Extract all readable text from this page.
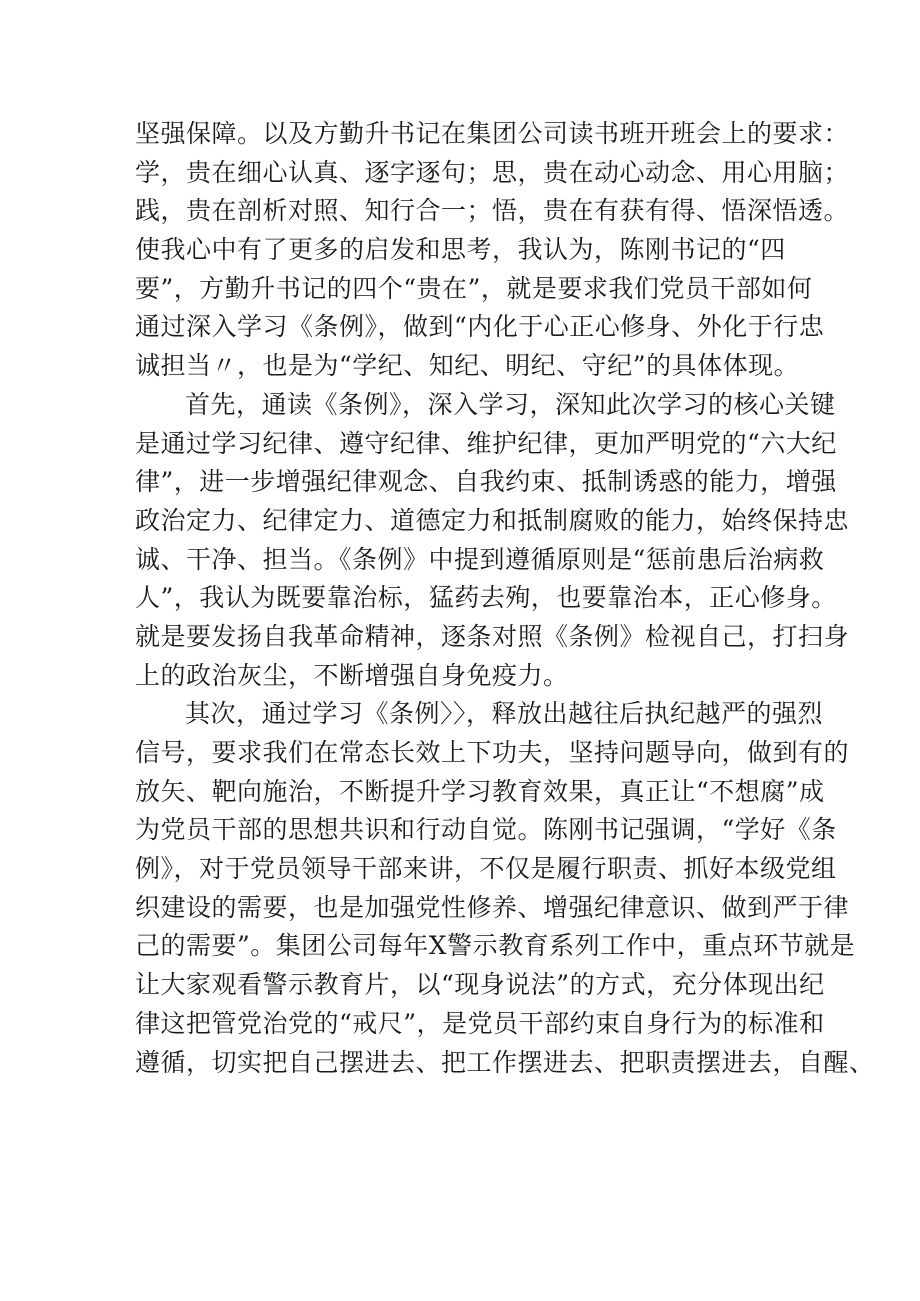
坚强保障。以及方勤升书记在集团公司读书班开班会上的要求：
学，贵在细心认真、逐字逐句；思，贵在动心动念、用心用脑；
践，贵在剖析对照、知行合一；悟，贵在有获有得、悟深悟透。
使我心中有了更多的启发和思考，我认为，陈刚书记的“四
要”，方勤升书记的四个“贵在”，就是要求我们党员干部如何
通过深入学习《条例》，做到“内化于心正心修身、外化于行忠
诚担当〃，也是为“学纪、知纪、明纪、守纪”的具体体现。
首先，通读《条例》，深入学习，深知此次学习的核心关键
是通过学习纪律、遵守纪律、维护纪律，更加严明党的“六大纪
律”，进一步增强纪律观念、自我约束、抵制诱惑的能力，增强
政治定力、纪律定力、道德定力和抵制腐败的能力，始终保持忠
诚、干净、担当。《条例》中提到遵循原则是“惩前患后治病救
人”，我认为既要靠治标，猛药去殉，也要靠治本，正心修身。
就是要发扬自我革命精神，逐条对照《条例》检视自己，打扫身
上的政治灰尘，不断增强自身免疫力。
其次，通过学习《条例〉〉，释放出越往后执纪越严的强烈
信号，要求我们在常态长效上下功夫，坚持问题导向，做到有的
放矢、靶向施治，不断提升学习教育效果，真正让“不想腐”成
为党员干部的思想共识和行动自觉。陈刚书记强调，“学好《条
例》，对于党员领导干部来讲，不仅是履行职责、抓好本级党组
织建设的需要，也是加强党性修养、增强纪律意识、做到严于律
己的需要”。集团公司每年X警示教育系列工作中，重点环节就是
让大家观看警示教育片，以“现身说法”的方式，充分体现出纪
律这把管党治党的“戒尺”，是党员干部约束自身行为的标准和
遵循，切实把自己摆进去、把工作摆进去、把职责摆进去，自醒、
